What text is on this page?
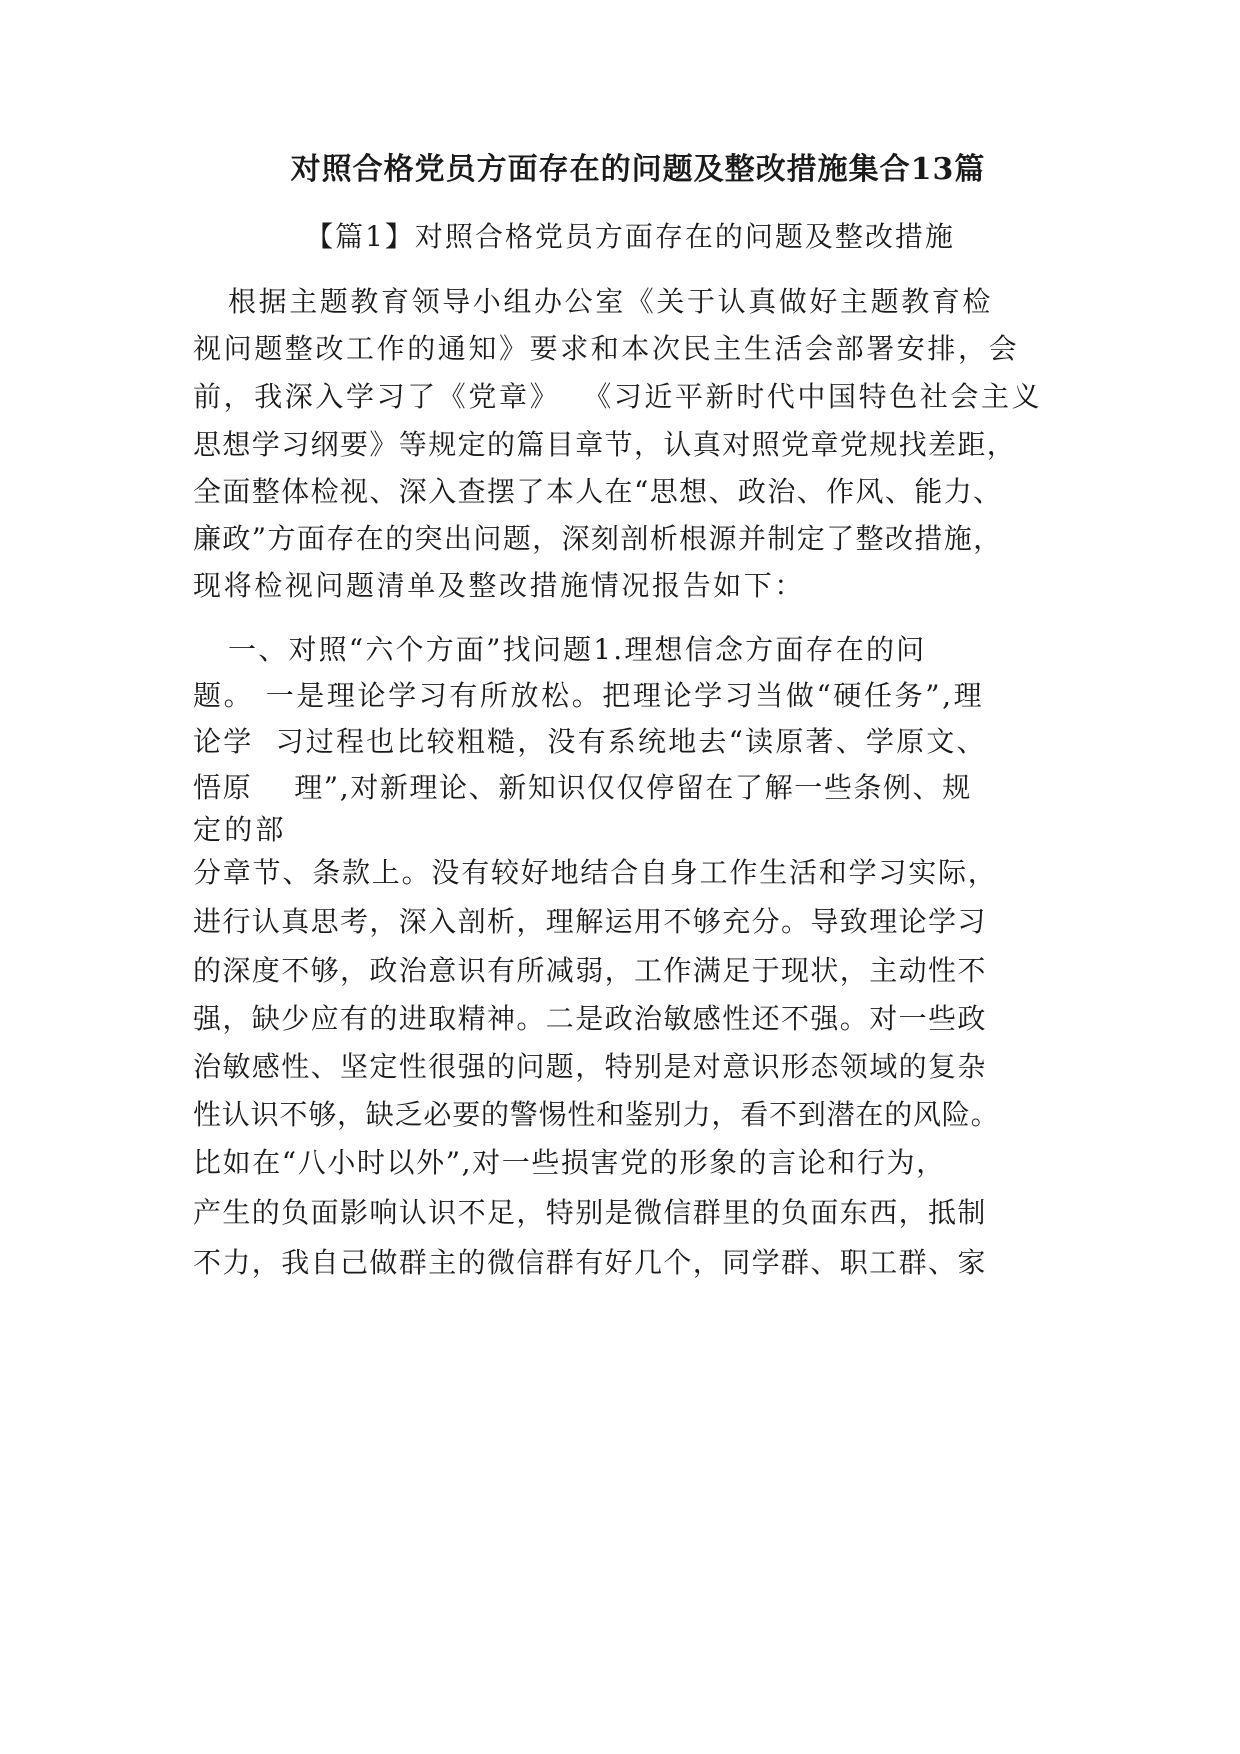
对照合格党员方面存在的问题及整改措施集合13篇
【篇1】对照合格党员方面存在的问题及整改措施

根据主题教育领导小组办公室《关于认真做好主题教育检

视问题整改工作的通知》要求和本次民主生活会部署安排，会

前，我深入学习了《党章》  《习近平新时代中国特色社会主义

思想学习纲要》等规定的篇目章节，认真对照党章党规找差距，

全面整体检视、深入查摆了本人在“思想、政治、作风、能力、

廉政”方面存在的突出问题，深刻剖析根源并制定了整改措施，

现将检视问题清单及整改措施情况报告如下：

一、对照“六个方面”找问题1.理想信念方面存在的问

题。 一是理论学习有所放松。把理论学习当做“硬任务”,理

论学  习过程也比较粗糙，没有系统地去“读原著、学原文、

悟原    理”,对新理论、新知识仅仅停留在了解一些条例、规

定的部

分章节、条款上。没有较好地结合自身工作生活和学习实际，

进行认真思考，深入剖析，理解运用不够充分。导致理论学习

的深度不够，政治意识有所减弱，工作满足于现状，主动性不

强，缺少应有的进取精神。二是政治敏感性还不强。对一些政

治敏感性、坚定性很强的问题，特别是对意识形态领域的复杂

性认识不够，缺乏必要的警惕性和鉴别力，看不到潜在的风险。

比如在“八小时以外”,对一些损害党的形象的言论和行为，

产生的负面影响认识不足，特别是微信群里的负面东西，抵制

不力，我自己做群主的微信群有好几个，同学群、职工群、家
